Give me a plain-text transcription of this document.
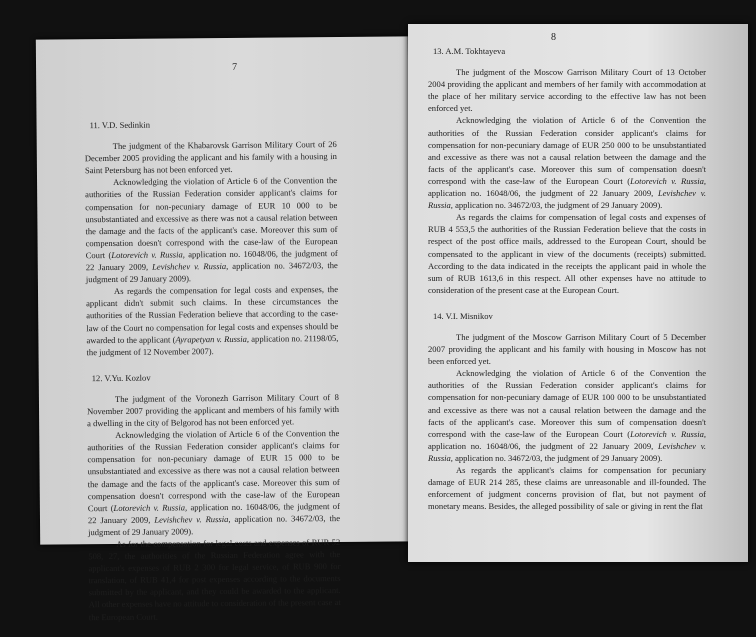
7
11. V.D. Sedinkin

The judgment of the Khabarovsk Garrison Military Court of 26 December 2005 providing the applicant and his family with a housing in Saint Petersburg has not been enforced yet.

Acknowledging the violation of Article 6 of the Convention the authorities of the Russian Federation consider applicant's claims for compensation for non-pecuniary damage of EUR 10 000 to be unsubstantiated and excessive as there was not a causal relation between the damage and the facts of the applicant's case. Moreover this sum of compensation doesn't correspond with the case-law of the European Court (Lotorevich v. Russia, application no. 16048/06, the judgment of 22 January 2009, Levishchev v. Russia, application no. 34672/03, the judgment of 29 January 2009).

As regards the compensation for legal costs and expenses, the applicant didn't submit such claims. In these circumstances the authorities of the Russian Federation believe that according to the case-law of the Court no compensation for legal costs and expenses should be awarded to the applicant (Ayrapetyan v. Russia, application no. 21198/05, the judgment of 12 November 2007).

12. V.Yu. Kozlov

The judgment of the Voronezh Garrison Military Court of 8 November 2007 providing the applicant and members of his family with a dwelling in the city of Belgorod has not been enforced yet.

Acknowledging the violation of Article 6 of the Convention the authorities of the Russian Federation consider applicant's claims for compensation for non-pecuniary damage of EUR 15 000 to be unsubstantiated and excessive as there was not a causal relation between the damage and the facts of the applicant's case. Moreover this sum of compensation doesn't correspond with the case-law of the European Court (Lotorevich v. Russia, application no. 16048/06, the judgment of 22 January 2009, Levishchev v. Russia, application no. 34672/03, the judgment of 29 January 2009).

As for the compensation for legal costs and expenses of RUR 52 508, 27, the authorities of the Russian Federation agree with the applicant's expenses of RUB 2 300 for legal service, of RUB 900 for translation, of RUB 41,4 for post expenses according to the documents submitted by the applicant, and they could be awarded to the applicant. All other expenses have no attitude to consideration of the present case at the European Court.

8
13. A.M. Tokhtayeva

The judgment of the Moscow Garrison Military Court of 13 October 2004 providing the applicant and members of her family with accommodation at the place of her military service according to the effective law has not been enforced yet.

Acknowledging the violation of Article 6 of the Convention the authorities of the Russian Federation consider applicant's claims for compensation for non-pecuniary damage of EUR 250 000 to be unsubstantiated and excessive as there was not a causal relation between the damage and the facts of the applicant's case. Moreover this sum of compensation doesn't correspond with the case-law of the European Court (Lotorevich v. Russia, application no. 16048/06, the judgment of 22 January 2009, Levishchev v. Russia, application no. 34672/03, the judgment of 29 January 2009).

As regards the claims for compensation of legal costs and expenses of RUB 4 553,5 the authorities of the Russian Federation believe that the costs in respect of the post office mails, addressed to the European Court, should be compensated to the applicant in view of the documents (receipts) submitted. According to the data indicated in the receipts the applicant paid in whole the sum of RUB 1613,6 in this respect. All other expenses have no attitude to consideration of the present case at the European Court.

14. V.I. Misnikov

The judgment of the Moscow Garrison Military Court of 5 December 2007 providing the applicant and his family with housing in Moscow has not been enforced yet.

Acknowledging the violation of Article 6 of the Convention the authorities of the Russian Federation consider applicant's claims for compensation for non-pecuniary damage of EUR 100 000 to be unsubstantiated and excessive as there was not a causal relation between the damage and the facts of the applicant's case. Moreover this sum of compensation doesn't correspond with the case-law of the European Court (Lotorevich v. Russia, application no. 16048/06, the judgment of 22 January 2009, Levishchev v. Russia, application no. 34672/03, the judgment of 29 January 2009).

As regards the applicant's claims for compensation for pecuniary damage of EUR 214 285, these claims are unreasonable and ill-founded. The enforcement of judgment concerns provision of flat, but not payment of monetary means. Besides, the alleged possibility of sale or giving in rent the flat
